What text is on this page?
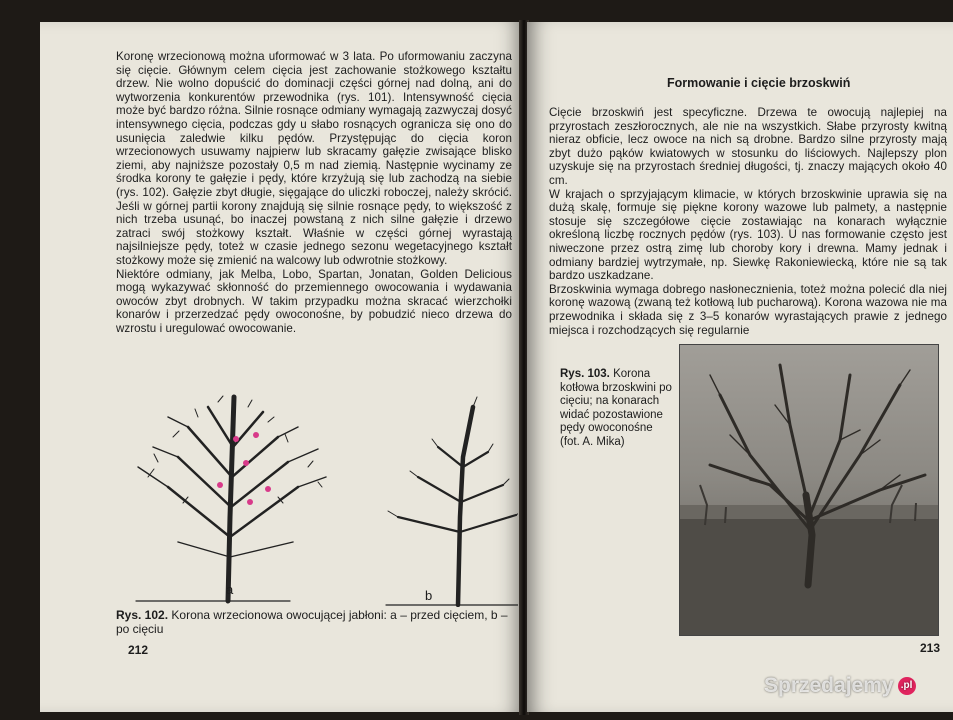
Koronę wrzecionową można uformować w 3 lata. Po uformowaniu zaczyna się cięcie. Głównym celem cięcia jest zachowanie stożkowego kształtu drzew. Nie wolno dopuścić do dominacji części górnej nad dolną, ani do wytworzenia konkurentów przewodnika (rys. 101). Intensywność cięcia może być bardzo różna. Silnie rosnące odmiany wymagają zazwyczaj dosyć intensywnego cięcia, podczas gdy u słabo rosnących ogranicza się ono do usunięcia zaledwie kilku pędów. Przystępując do cięcia koron wrzecionowych usuwamy najpierw lub skracamy gałęzie zwisające blisko ziemi, aby najniższe pozostały 0,5 m nad ziemią. Następnie wycinamy ze środka korony te gałęzie i pędy, które krzyżują się lub zachodzą na siebie (rys. 102). Gałęzie zbyt długie, sięgające do uliczki roboczej, należy skrócić. Jeśli w górnej partii korony znajdują się silnie rosnące pędy, to większość z nich trzeba usunąć, bo inaczej powstaną z nich silne gałęzie i drzewo zatraci swój stożkowy kształt. Właśnie w części górnej wyrastają najsilniejsze pędy, toteż w czasie jednego sezonu wegetacyjnego kształt stożkowy może się zmienić na walcowy lub odwrotnie stożkowy.

Niektóre odmiany, jak Melba, Lobo, Spartan, Jonatan, Golden Delicious mogą wykazywać skłonność do przemiennego owocowania i wydawania owoców zbyt drobnych. W takim przypadku można skracać wierzchołki konarów i przerzedzać pędy owoconośne, by pobudzić nieco drzewa do wzrostu i uregulować owocowanie.

a	b
Rys. 102. Korona wrzecionowa owocującej jabłoni: a – przed cięciem, b – po cięciu
212
Formowanie i cięcie brzoskwiń

Cięcie brzoskwiń jest specyficzne. Drzewa te owocują najlepiej na przyrostach zeszłorocznych, ale nie na wszystkich. Słabe przyrosty kwitną nieraz obficie, lecz owoce na nich są drobne. Bardzo silne przyrosty mają zbyt dużo pąków kwiatowych w stosunku do liściowych. Najlepszy plon uzyskuje się na przyrostach średniej długości, tj. znaczy mających około 40 cm.

W krajach o sprzyjającym klimacie, w których brzoskwinie uprawia się na dużą skalę, formuje się piękne korony wazowe lub palmety, a następnie stosuje się szczegółowe cięcie zostawiając na konarach wyłącznie określoną liczbę rocznych pędów (rys. 103). U nas formowanie często jest niweczone przez ostrą zimę lub choroby kory i drewna. Mamy jednak i odmiany bardziej wytrzymałe, np. Siewkę Rakoniewiecką, które nie są tak bardzo uszkadzane.

Brzoskwinia wymaga dobrego nasłonecznienia, toteż można polecić dla niej koronę wazową (zwaną też kotłową lub pucharową). Korona wazowa nie ma przewodnika i składa się z 3–5 konarów wyrastających prawie z jednego miejsca i rozchodzących się regularnie

Rys. 103. Korona kotłowa brzoskwini po cięciu; na konarach widać pozostawione pędy owoconośne (fot. A. Mika)
213
Sprzedajemy .pl
